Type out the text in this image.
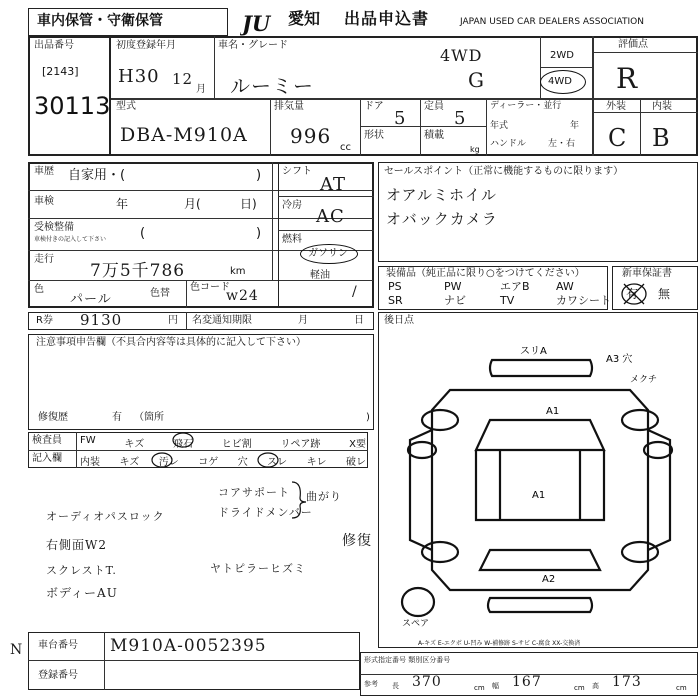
車内保管・守衛保管	JU 愛知 出品申込書	JAPAN USED CAR DEALERS ASSOCIATION
出品番号
[2143]
30113
初度登録年月
H30 12
月
車名・グレード
ルーミー
4WD
G
2WD
4WD
評価点
R
型式
DBA-M910A
排気量
996 cc
ドア
5
定員
5
形状	積載
kg
ディーラー・並行
年式	年
ハンドル 左・右
外装	内装
C B
車歴 自家用・(	)
車検	年	月(	日)
受検整備
車検付きの記入して下さい	(	)
走行
7万5千786	km
色
パール	色替
色コード
w24
シフト
AT
冷房
AC
燃料
ガソリン
軽油
/
セールスポイント（正常に機能するものに限ります）
オアルミホイル
オバックカメラ
装備品（純正品に限り○をつけてください）
PS	PW	エアB AW
SR	ナビ	TV	カワシート
新車保証書
有 無
R券 9130	円 名変通知期限	月	日
注意事項申告欄（不具合内容等は具体的に記入して下さい）
修復歴	有 （箇所	)
後日点
検査員
記入欄
FW	キズ	飛石	ヒビ割	リペア跡	X要
内装 キズ 汚レ コゲ 穴 スレ キレ 破レ
コアサポート
ドライドメンバー
曲がり
オーディオパスロック
右側面W2
スクレストT.
ボディーAU
修復
ヤトピラーヒズミ
スリA
A3 穴
メクチ
A1
A1
A2
スペア
A-キズ E-エクボ U-凹み W-補修跡 S-サビ C-腐食 XX-交換済
車台番号 M910A-0052395
登録番号
N
形式指定番号 類別区分番号
参考 長 370	cm 幅 167	cm 高 173	cm
